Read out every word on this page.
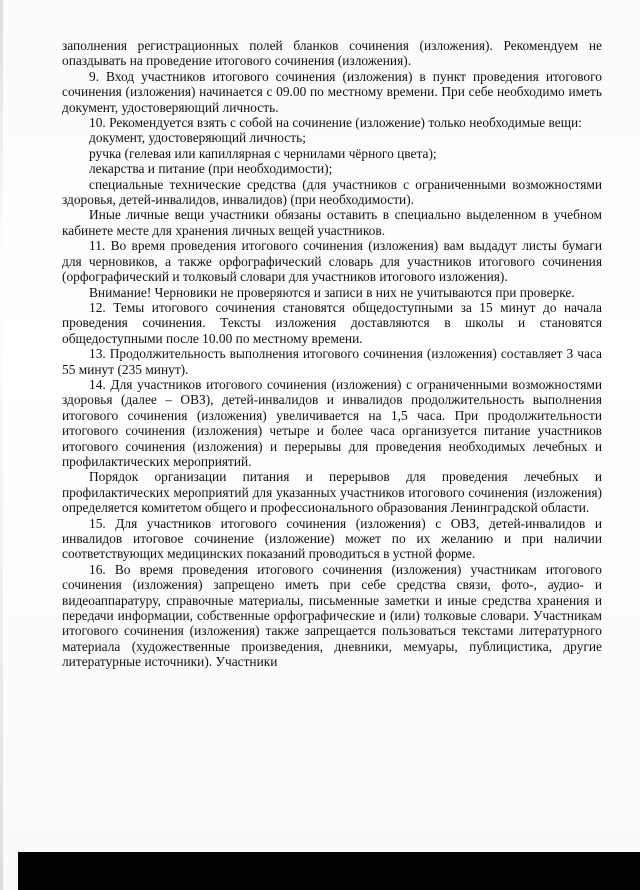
заполнения регистрационных полей бланков сочинения (изложения). Рекомендуем не опаздывать на проведение итогового сочинения (изложения).

9. Вход участников итогового сочинения (изложения) в пункт проведения итогового сочинения (изложения) начинается с 09.00 по местному времени. При себе необходимо иметь документ, удостоверяющий личность.

10. Рекомендуется взять с собой на сочинение (изложение) только необходимые вещи:

документ, удостоверяющий личность;

ручка (гелевая или капиллярная с чернилами чёрного цвета);

лекарства и питание (при необходимости);

специальные технические средства (для участников с ограниченными возможностями здоровья, детей-инвалидов, инвалидов) (при необходимости).

Иные личные вещи участники обязаны оставить в специально выделенном в учебном кабинете месте для хранения личных вещей участников.

11. Во время проведения итогового сочинения (изложения) вам выдадут листы бумаги для черновиков, а также орфографический словарь для участников итогового сочинения (орфографический и толковый словари для участников итогового изложения).

Внимание! Черновики не проверяются и записи в них не учитываются при проверке.

12. Темы итогового сочинения становятся общедоступными за 15 минут до начала проведения сочинения. Тексты изложения доставляются в школы и становятся общедоступными после 10.00 по местному времени.

13. Продолжительность выполнения итогового сочинения (изложения) составляет 3 часа 55 минут (235 минут).

14. Для участников итогового сочинения (изложения) с ограниченными возможностями здоровья (далее – ОВЗ), детей-инвалидов и инвалидов продолжительность выполнения итогового сочинения (изложения) увеличивается на 1,5 часа. При продолжительности итогового сочинения (изложения) четыре и более часа организуется питание участников итогового сочинения (изложения) и перерывы для проведения необходимых лечебных и профилактических мероприятий.

Порядок организации питания и перерывов для проведения лечебных и профилактических мероприятий для указанных участников итогового сочинения (изложения) определяется комитетом общего и профессионального образования Ленинградской области.

15. Для участников итогового сочинения (изложения) с ОВЗ, детей-инвалидов и инвалидов итоговое сочинение (изложение) может по их желанию и при наличии соответствующих медицинских показаний проводиться в устной форме.

16. Во время проведения итогового сочинения (изложения) участникам итогового сочинения (изложения) запрещено иметь при себе средства связи, фото-, аудио- и видеоаппаратуру, справочные материалы, письменные заметки и иные средства хранения и передачи информации, собственные орфографические и (или) толковые словари. Участникам итогового сочинения (изложения) также запрещается пользоваться текстами литературного материала (художественные произведения, дневники, мемуары, публицистика, другие литературные источники). Участники
